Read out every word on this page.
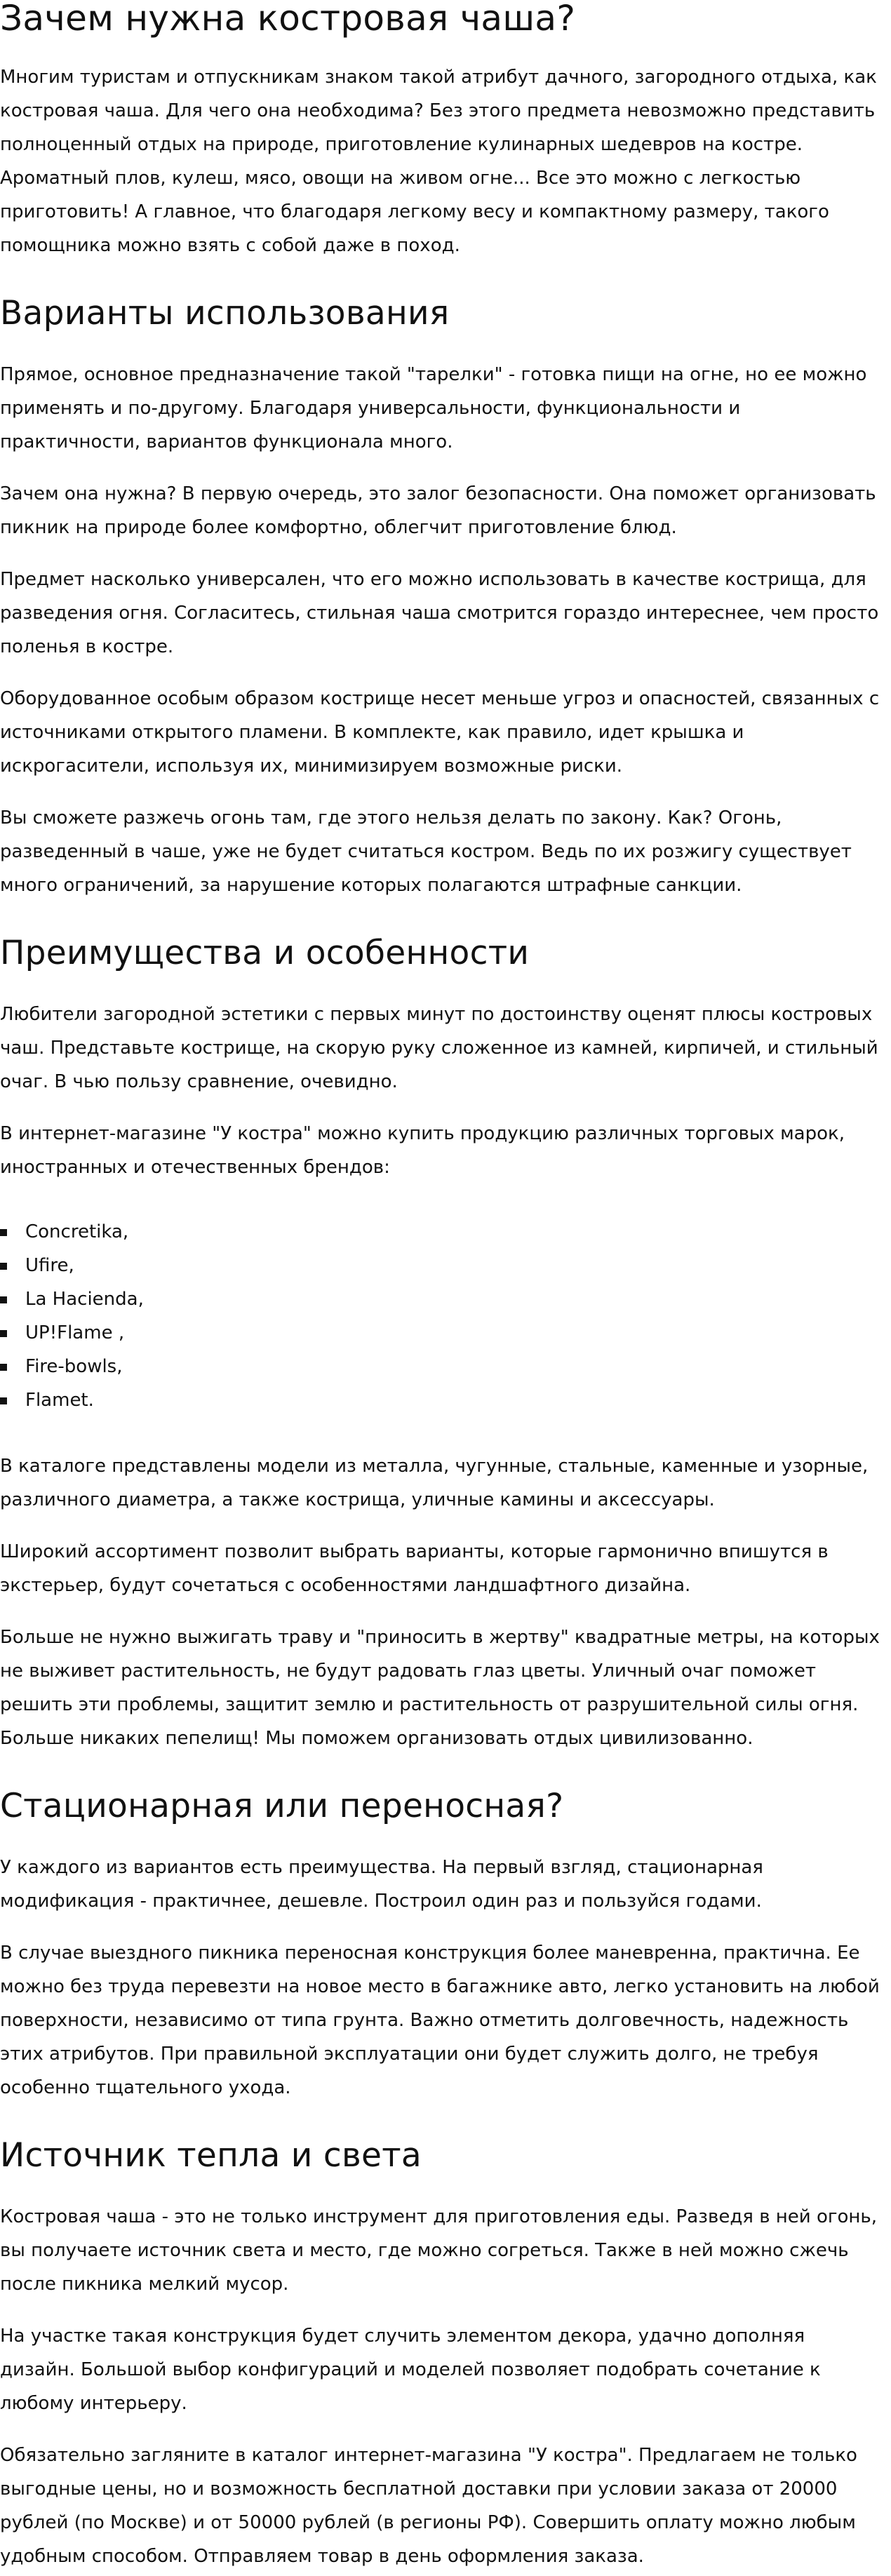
Зачем нужна костровая чаша?

Многим туристам и отпускникам знаком такой атрибут дачного, загородного отдыха, как костровая чаша. Для чего она необходима? Без этого предмета невозможно представить полноценный отдых на природе, приготовление кулинарных шедевров на костре. Ароматный плов, кулеш, мясо, овощи на живом огне... Все это можно с легкостью приготовить! А главное, что благодаря легкому весу и компактному размеру, такого помощника можно взять с собой даже в поход.

Варианты использования

Прямое, основное предназначение такой "тарелки" - готовка пищи на огне, но ее можно применять и по-другому. Благодаря универсальности, функциональности и практичности, вариантов функционала много.

Зачем она нужна? В первую очередь, это залог безопасности. Она поможет организовать пикник на природе более комфортно, облегчит приготовление блюд.

Предмет насколько универсален, что его можно использовать в качестве кострища, для разведения огня. Согласитесь, стильная чаша смотрится гораздо интереснее, чем просто поленья в костре.

Оборудованное особым образом кострище несет меньше угроз и опасностей, связанных с источниками открытого пламени. В комплекте, как правило, идет крышка и искрогасители, используя их, минимизируем возможные риски.

Вы сможете разжечь огонь там, где этого нельзя делать по закону. Как? Огонь, разведенный в чаше, уже не будет считаться костром. Ведь по их розжигу существует много ограничений, за нарушение которых полагаются штрафные санкции.

Преимущества и особенности

Любители загородной эстетики с первых минут по достоинству оценят плюсы костровых чаш. Представьте кострище, на скорую руку сложенное из камней, кирпичей, и стильный очаг. В чью пользу сравнение, очевидно.

В интернет-магазине "У костра" можно купить продукцию различных торговых марок, иностранных и отечественных брендов:

Concretika,
Ufire,
La Hacienda,
UP!Flame ,
Fire-bowls,
Flamet.

В каталоге представлены модели из металла, чугунные, стальные, каменные и узорные, различного диаметра, а также кострища, уличные камины и аксессуары.

Широкий ассортимент позволит выбрать варианты, которые гармонично впишутся в экстерьер, будут сочетаться с особенностями ландшафтного дизайна.

Больше не нужно выжигать траву и "приносить в жертву" квадратные метры, на которых не выживет растительность, не будут радовать глаз цветы. Уличный очаг поможет решить эти проблемы, защитит землю и растительность от разрушительной силы огня. Больше никаких пепелищ! Мы поможем организовать отдых цивилизованно.

Стационарная или переносная?

У каждого из вариантов есть преимущества. На первый взгляд, стационарная модификация - практичнее, дешевле. Построил один раз и пользуйся годами.

В случае выездного пикника переносная конструкция более маневренна, практична. Ее можно без труда перевезти на новое место в багажнике авто, легко установить на любой поверхности, независимо от типа грунта. Важно отметить долговечность, надежность этих атрибутов. При правильной эксплуатации они будет служить долго, не требуя особенно тщательного ухода.

Источник тепла и света

Костровая чаша - это не только инструмент для приготовления еды. Разведя в ней огонь, вы получаете источник света и место, где можно согреться. Также в ней можно сжечь после пикника мелкий мусор.

На участке такая конструкция будет случить элементом декора, удачно дополняя дизайн. Большой выбор конфигураций и моделей позволяет подобрать сочетание к любому интерьеру.

Обязательно загляните в каталог интернет-магазина "У костра". Предлагаем не только выгодные цены, но и возможность бесплатной доставки при условии заказа от 20000 рублей (по Москве) и от 50000 рублей (в регионы РФ). Совершить оплату можно любым удобным способом. Отправляем товар в день оформления заказа.
